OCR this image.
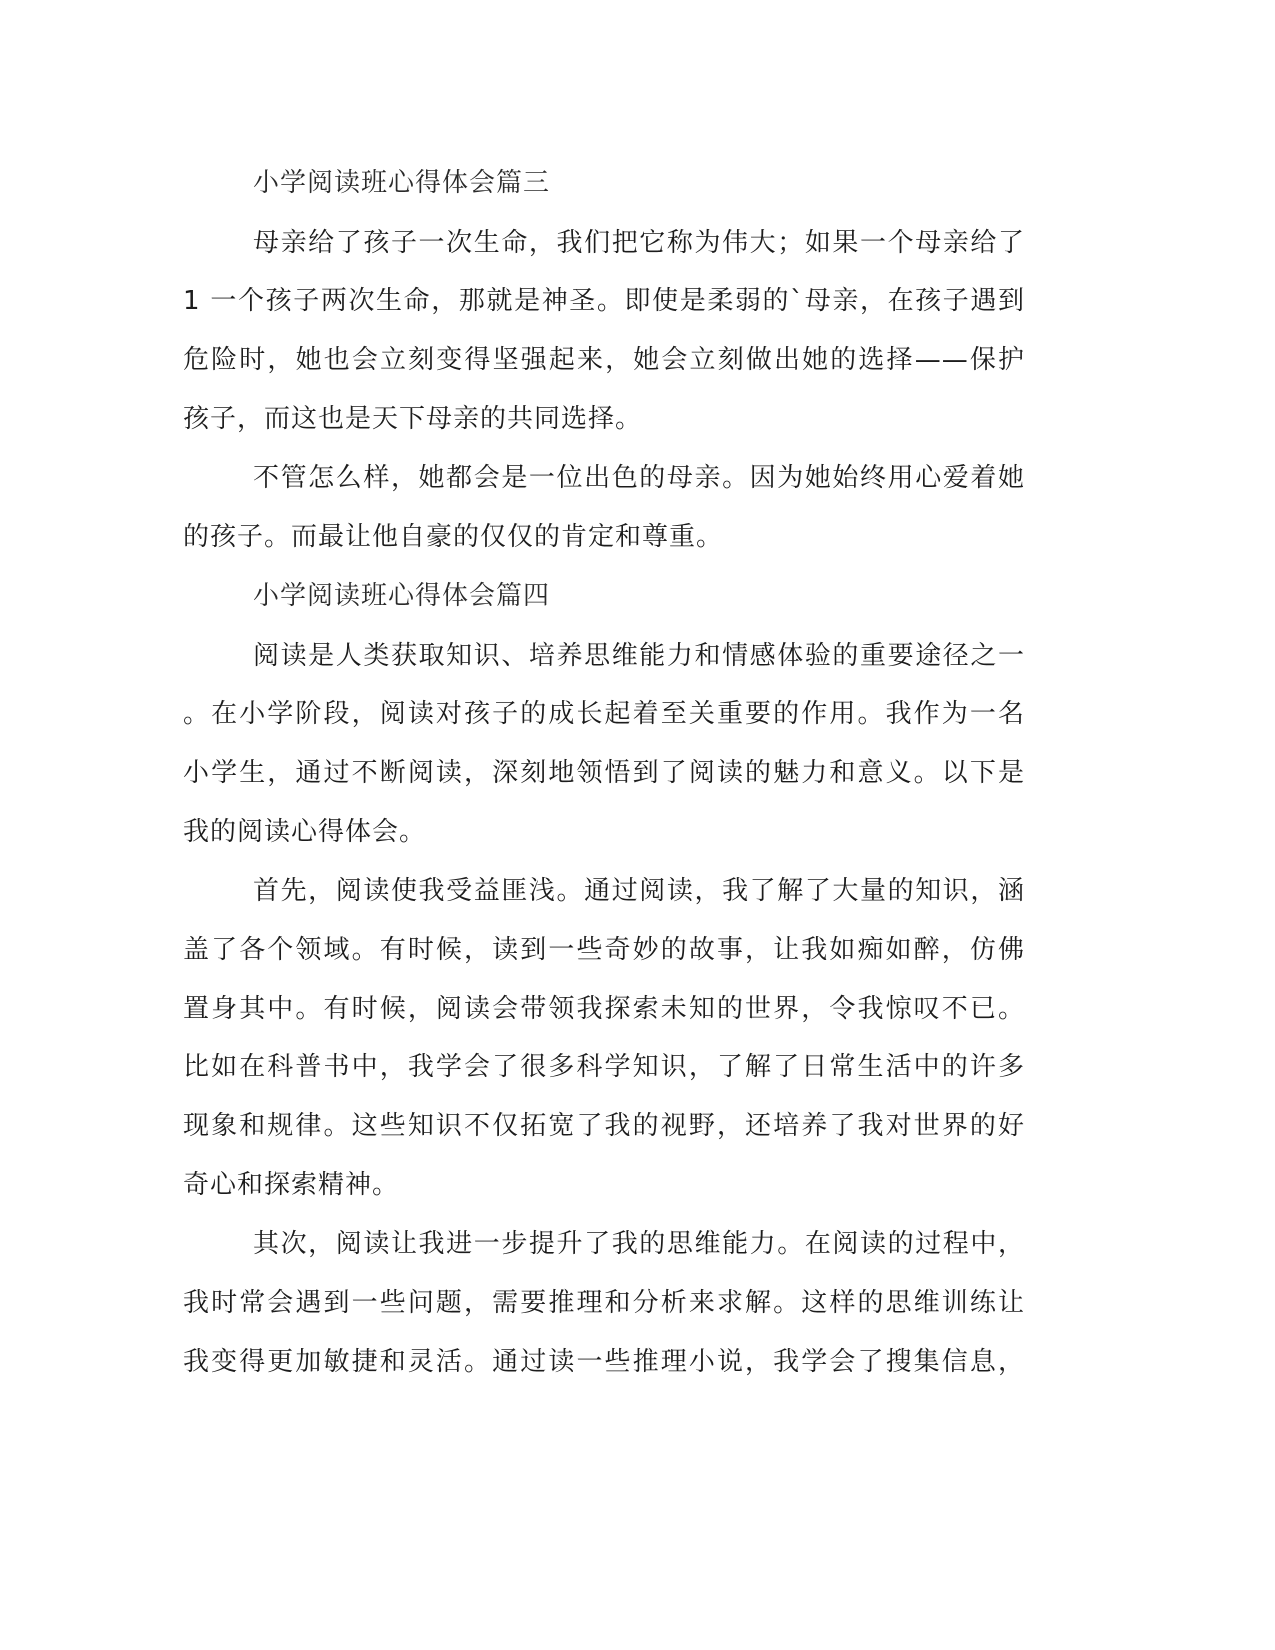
小学阅读班心得体会篇三
母亲给了孩子一次生命，我们把它称为伟大；如果一个母亲给了
1 一个孩子两次生命，那就是神圣。即使是柔弱的`母亲，在孩子遇到
危险时，她也会立刻变得坚强起来，她会立刻做出她的选择——保护
孩子，而这也是天下母亲的共同选择。
不管怎么样，她都会是一位出色的母亲。因为她始终用心爱着她
的孩子。而最让他自豪的仅仅的肯定和尊重。
小学阅读班心得体会篇四
阅读是人类获取知识、培养思维能力和情感体验的重要途径之一
。在小学阶段，阅读对孩子的成长起着至关重要的作用。我作为一名
小学生，通过不断阅读，深刻地领悟到了阅读的魅力和意义。以下是
我的阅读心得体会。
首先，阅读使我受益匪浅。通过阅读，我了解了大量的知识，涵
盖了各个领域。有时候，读到一些奇妙的故事，让我如痴如醉，仿佛
置身其中。有时候，阅读会带领我探索未知的世界，令我惊叹不已。
比如在科普书中，我学会了很多科学知识，了解了日常生活中的许多
现象和规律。这些知识不仅拓宽了我的视野，还培养了我对世界的好
奇心和探索精神。
其次，阅读让我进一步提升了我的思维能力。在阅读的过程中，
我时常会遇到一些问题，需要推理和分析来求解。这样的思维训练让
我变得更加敏捷和灵活。通过读一些推理小说，我学会了搜集信息，
